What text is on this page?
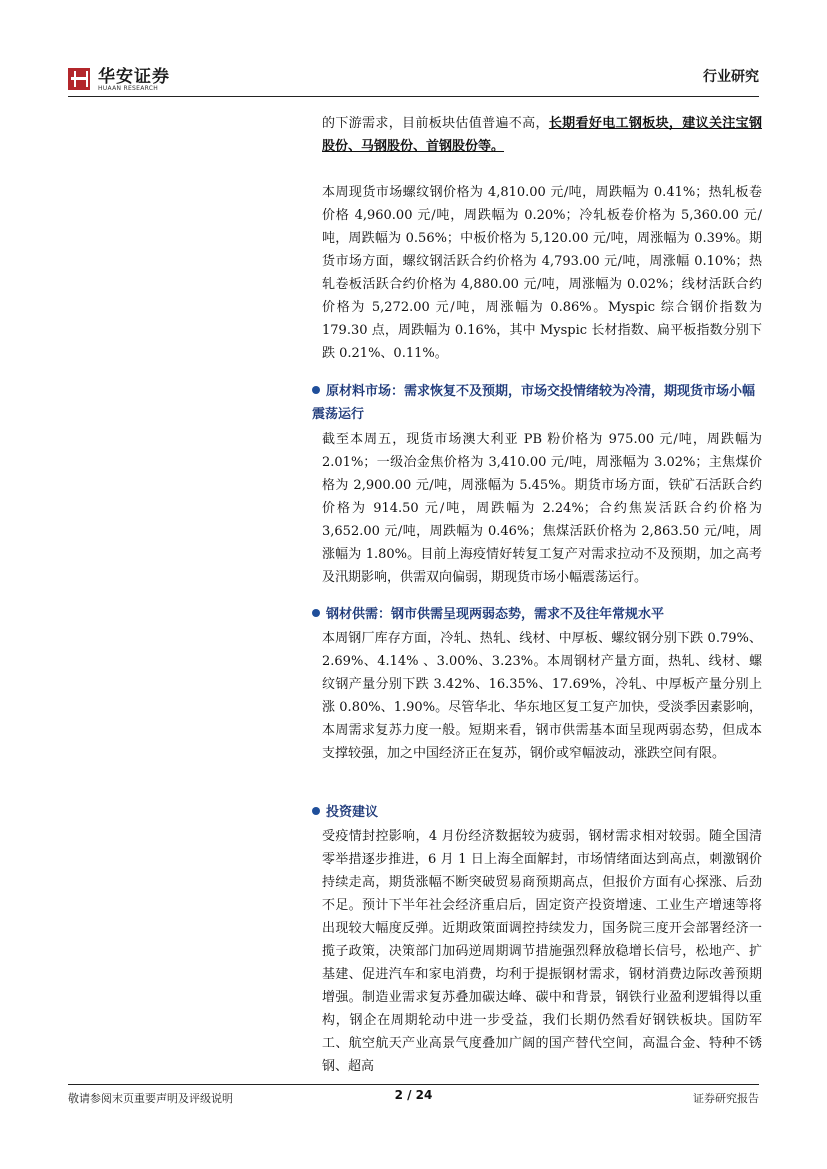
华安证券
HUAAN RESEARCH
行业研究

的下游需求，目前板块估值普遍不高，长期看好电工钢板块，建议关注宝钢股份、马钢股份、首钢股份等。

本周现货市场螺纹钢价格为 4,810.00 元/吨，周跌幅为 0.41%；热轧板卷价格 4,960.00 元/吨，周跌幅为 0.20%；冷轧板卷价格为 5,360.00 元/吨，周跌幅为 0.56%；中板价格为 5,120.00 元/吨，周涨幅为 0.39%。期货市场方面，螺纹钢活跃合约价格为 4,793.00 元/吨，周涨幅 0.10%；热轧卷板活跃合约价格为 4,880.00 元/吨，周涨幅为 0.02%；线材活跃合约价格为 5,272.00 元/吨，周涨幅为 0.86%。Myspic 综合钢价指数为 179.30 点，周跌幅为 0.16%，其中 Myspic 长材指数、扁平板指数分别下跌 0.21%、0.11%。

原材料市场：需求恢复不及预期，市场交投情绪较为冷清，期现货市场小幅震荡运行

截至本周五，现货市场澳大利亚 PB 粉价格为 975.00 元/吨，周跌幅为 2.01%；一级冶金焦价格为 3,410.00 元/吨，周涨幅为 3.02%；主焦煤价格为 2,900.00 元/吨，周涨幅为 5.45%。期货市场方面，铁矿石活跃合约价格为 914.50 元/吨，周跌幅为 2.24%；合约焦炭活跃合约价格为 3,652.00 元/吨，周跌幅为 0.46%；焦煤活跃价格为 2,863.50 元/吨，周涨幅为 1.80%。目前上海疫情好转复工复产对需求拉动不及预期，加之高考及汛期影响，供需双向偏弱，期现货市场小幅震荡运行。

钢材供需：钢市供需呈现两弱态势，需求不及往年常规水平

本周钢厂库存方面，冷轧、热轧、线材、中厚板、螺纹钢分别下跌 0.79%、2.69%、4.14% 、3.00%、3.23%。本周钢材产量方面，热轧、线材、螺纹钢产量分别下跌 3.42%、16.35%、17.69%，冷轧、中厚板产量分别上涨 0.80%、1.90%。尽管华北、华东地区复工复产加快，受淡季因素影响，本周需求复苏力度一般。短期来看，钢市供需基本面呈现两弱态势，但成本支撑较强，加之中国经济正在复苏，钢价或窄幅波动，涨跌空间有限。

投资建议

受疫情封控影响，4 月份经济数据较为疲弱，钢材需求相对较弱。随全国清零举措逐步推进，6 月 1 日上海全面解封，市场情绪面达到高点，刺激钢价持续走高，期货涨幅不断突破贸易商预期高点，但报价方面有心探涨、后劲不足。预计下半年社会经济重启后，固定资产投资增速、工业生产增速等将出现较大幅度反弹。近期政策面调控持续发力，国务院三度开会部署经济一揽子政策，决策部门加码逆周期调节措施强烈释放稳增长信号，松地产、扩基建、促进汽车和家电消费，均利于提振钢材需求，钢材消费边际改善预期增强。制造业需求复苏叠加碳达峰、碳中和背景，钢铁行业盈利逻辑得以重构，钢企在周期轮动中进一步受益，我们长期仍然看好钢铁板块。国防军工、航空航天产业高景气度叠加广阔的国产替代空间，高温合金、特种不锈钢、超高

敬请参阅末页重要声明及评级说明	2 / 24	证券研究报告
